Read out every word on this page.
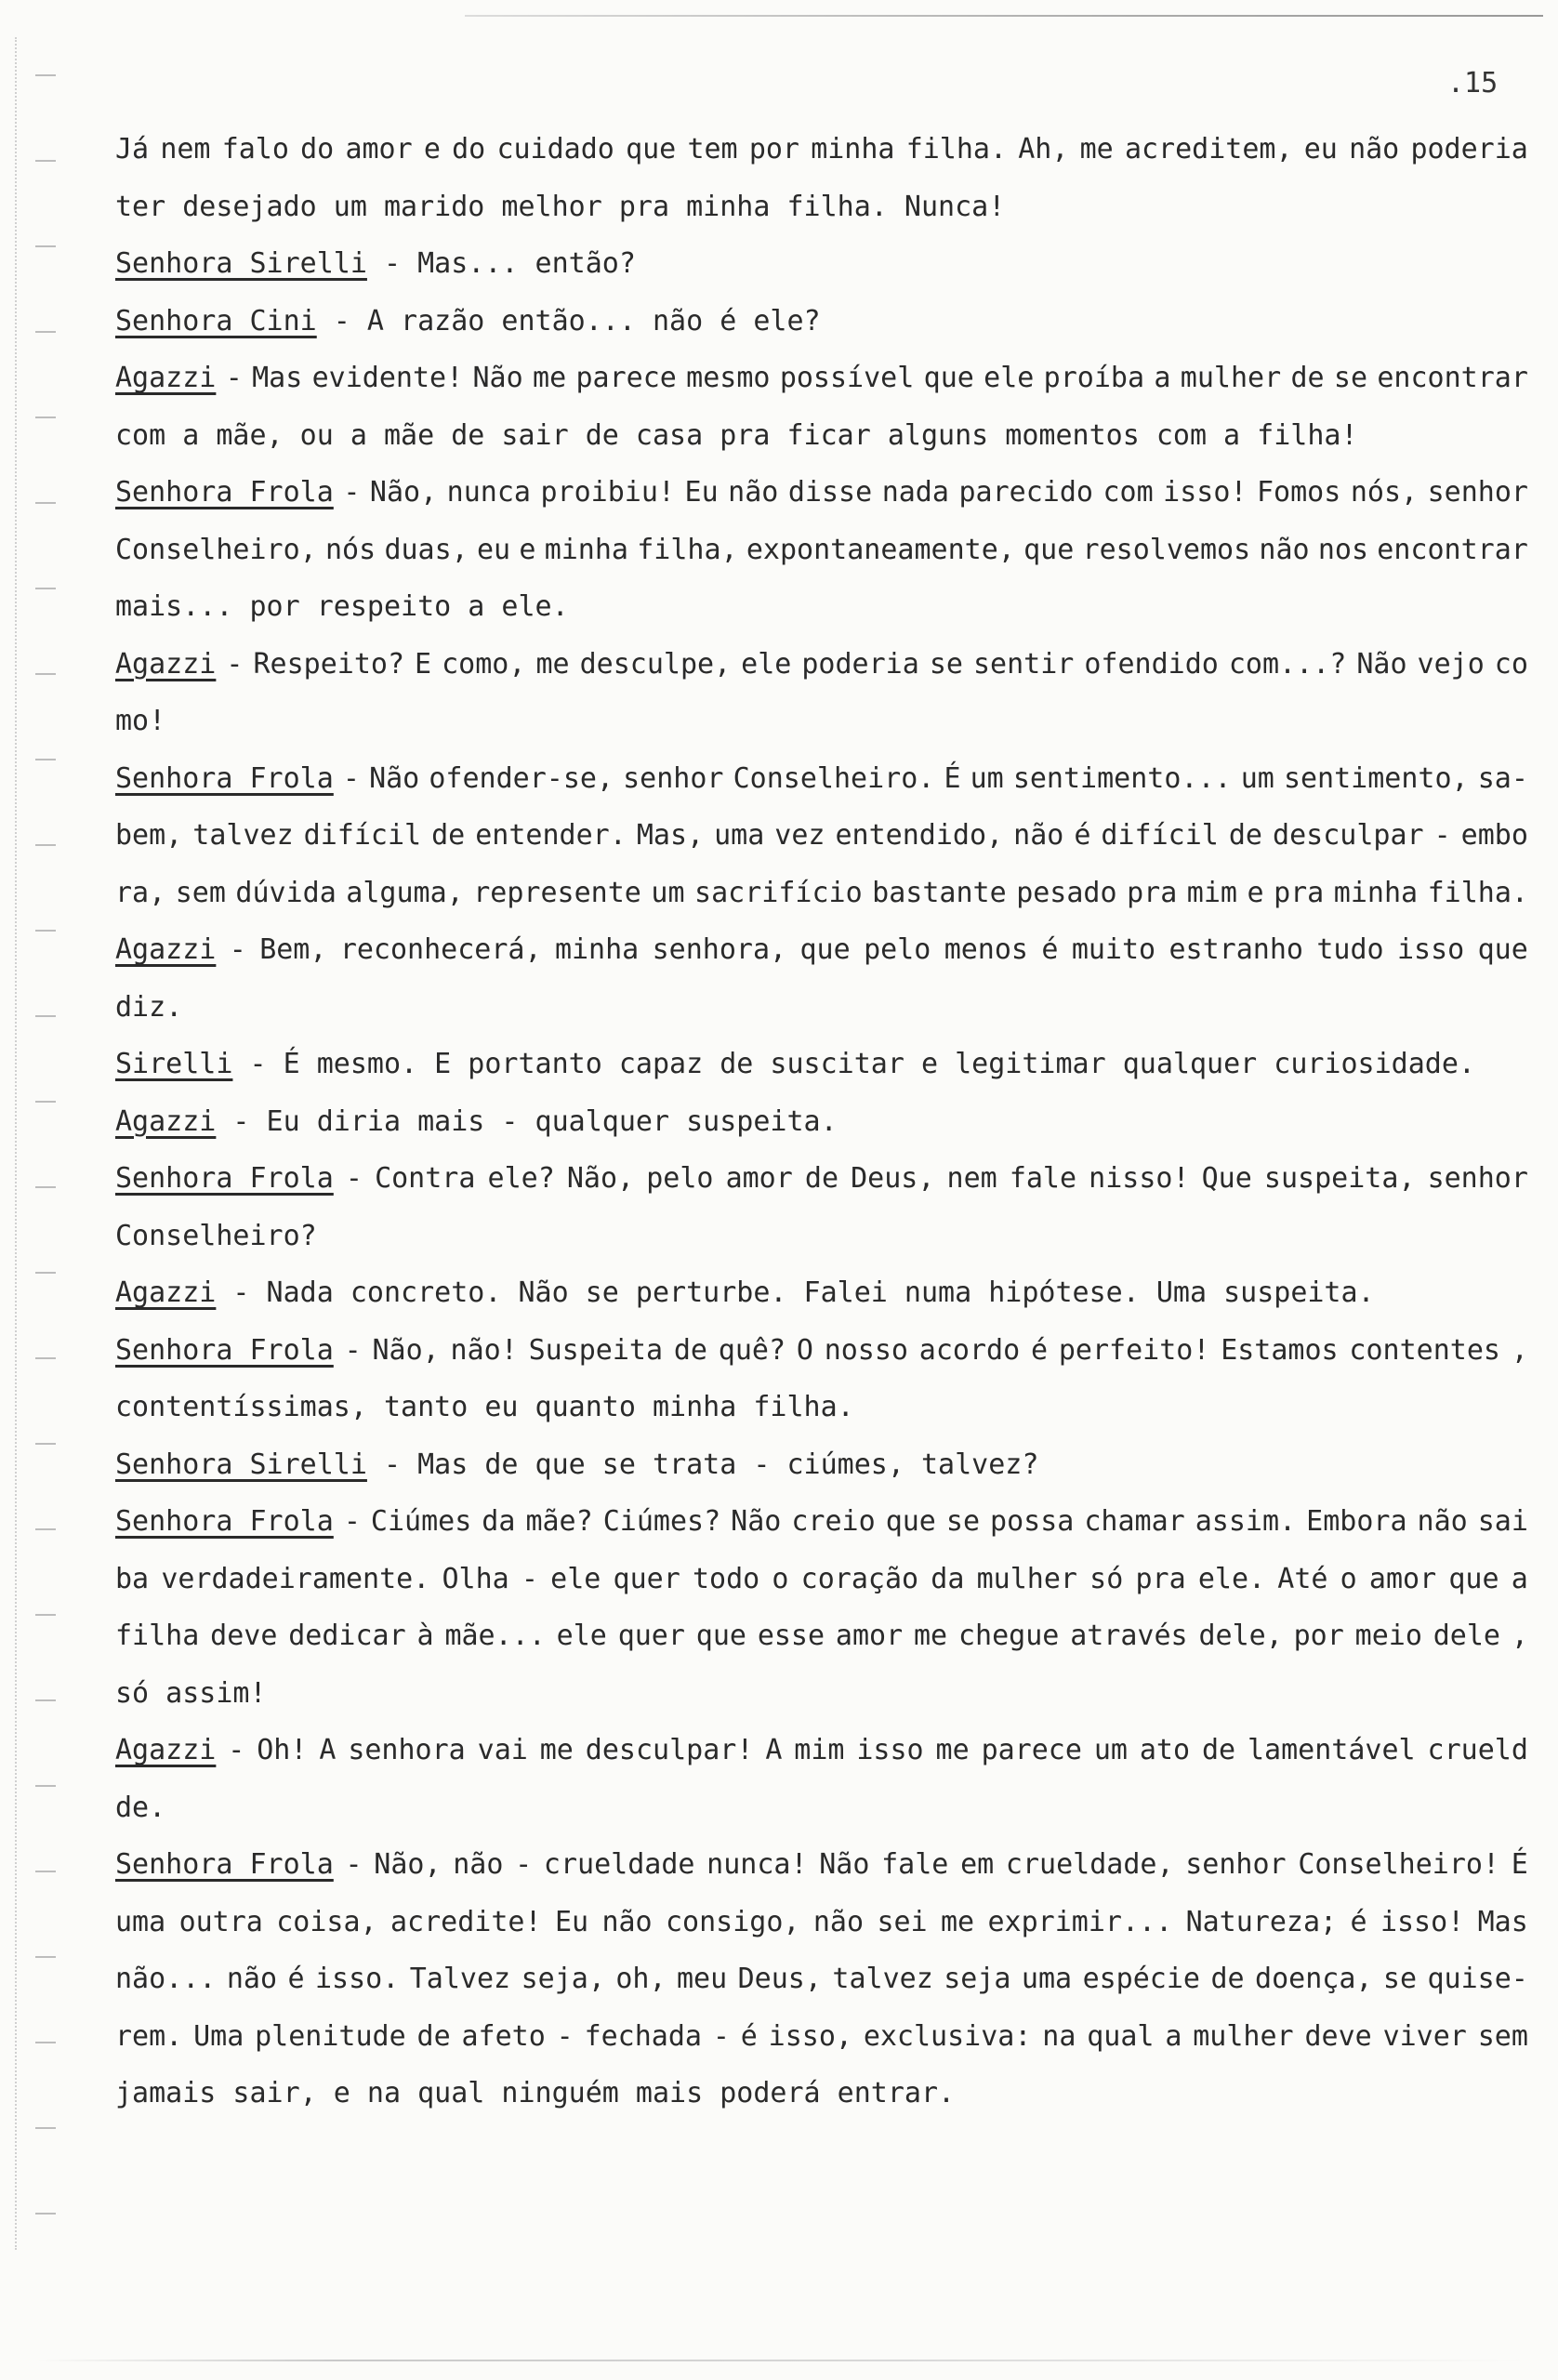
.15
Já nem falo do amor e do cuidado que tem por minha filha. Ah, me acreditem, eu não poderia
ter desejado um marido melhor pra minha filha. Nunca!
Senhora Sirelli - Mas... então?
Senhora Cini - A razão então... não é ele?
Agazzi - Mas evidente! Não me parece mesmo possível que ele proíba a mulher de se encontrar
com a mãe, ou a mãe de sair de casa pra ficar alguns momentos com a filha!
Senhora Frola - Não, nunca proibiu! Eu não disse nada parecido com isso! Fomos nós, senhor
Conselheiro, nós duas, eu e minha filha, expontaneamente, que resolvemos não nos encontrar
mais... por respeito a ele.
Agazzi - Respeito? E como, me desculpe, ele poderia se sentir ofendido com...? Não vejo co
mo!
Senhora Frola - Não ofender-se, senhor Conselheiro. É um sentimento... um sentimento, sa-
bem, talvez difícil de entender. Mas, uma vez entendido, não é difícil de desculpar - embo
ra, sem dúvida alguma, represente um sacrifício bastante pesado pra mim e pra minha filha.
Agazzi - Bem, reconhecerá, minha senhora, que pelo menos é muito estranho tudo isso que
diz.
Sirelli - É mesmo. E portanto capaz de suscitar e legitimar qualquer curiosidade.
Agazzi - Eu diria mais - qualquer suspeita.
Senhora Frola - Contra ele? Não, pelo amor de Deus, nem fale nisso! Que suspeita, senhor
Conselheiro?
Agazzi - Nada concreto. Não se perturbe. Falei numa hipótese. Uma suspeita.
Senhora Frola - Não, não! Suspeita de quê? O nosso acordo é perfeito! Estamos contentes ,
contentíssimas, tanto eu quanto minha filha.
Senhora Sirelli - Mas de que se trata - ciúmes, talvez?
Senhora Frola - Ciúmes da mãe? Ciúmes? Não creio que se possa chamar assim. Embora não sai
ba verdadeiramente. Olha - ele quer todo o coração da mulher só pra ele. Até o amor que a
filha deve dedicar à mãe... ele quer que esse amor me chegue através dele, por meio dele ,
só assim!
Agazzi - Oh! A senhora vai me desculpar! A mim isso me parece um ato de lamentável crueld
de.
Senhora Frola - Não, não - crueldade nunca! Não fale em crueldade, senhor Conselheiro! É
uma outra coisa, acredite! Eu não consigo, não sei me exprimir... Natureza; é isso! Mas
não... não é isso. Talvez seja, oh, meu Deus, talvez seja uma espécie de doença, se quise-
rem. Uma plenitude de afeto - fechada - é isso, exclusiva: na qual a mulher deve viver sem
jamais sair, e na qual ninguém mais poderá entrar.
